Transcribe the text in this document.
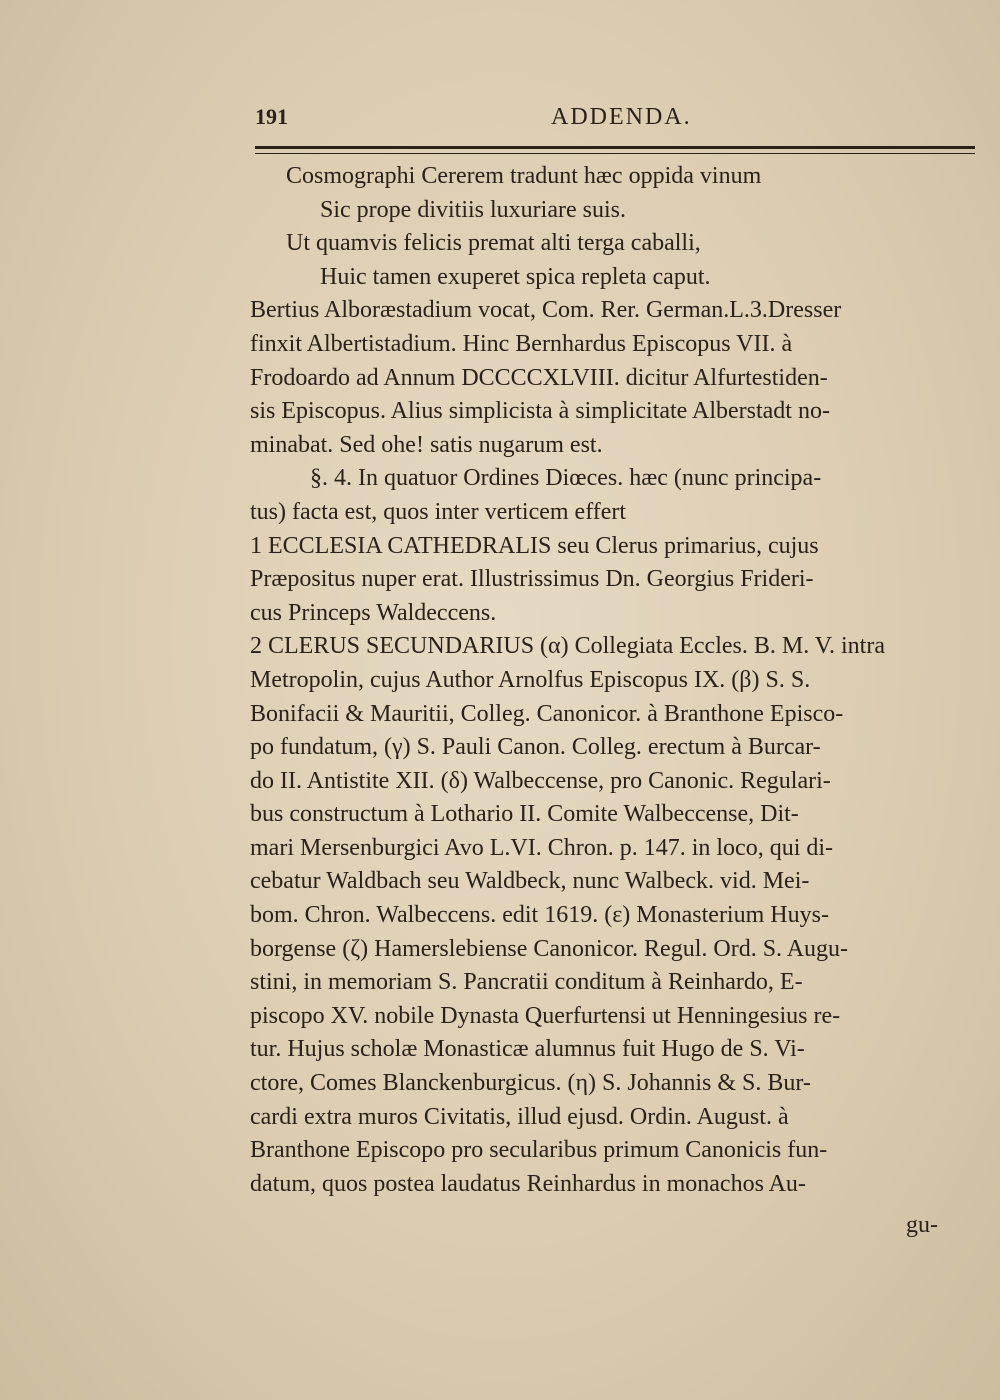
191	ADDENDA.
Cosmographi Cererem tradunt hæc oppida vinum
Sic prope divitiis luxuriare suis.
Ut quamvis felicis premat alti terga caballi,
Huic tamen exuperet spica repleta caput.
Bertius Alboræstadium vocat, Com. Rer. German.L.3.Dresser
finxit Albertistadium. Hinc Bernhardus Episcopus VII. à
Frodoardo ad Annum DCCCCXLVIII. dicitur Alfurtestiden-
sis Episcopus. Alius simplicista à simplicitate Alberstadt no-
minabat. Sed ohe! satis nugarum est.
§. 4. In quatuor Ordines Diœces. hæc (nunc principa-
tus) facta est, quos inter verticem effert
1 ECCLESIA CATHEDRALIS seu Clerus primarius, cujus
Præpositus nuper erat. Illustrissimus Dn. Georgius Frideri-
cus Princeps Waldeccens.
2 CLERUS SECUNDARIUS (α) Collegiata Eccles. B. M. V. intra
Metropolin, cujus Author Arnolfus Episcopus IX. (β) S. S.
Bonifacii & Mauritii, Colleg. Canonicor. à Branthone Episco-
po fundatum, (γ) S. Pauli Canon. Colleg. erectum à Burcar-
do II. Antistite XII. (δ) Walbeccense, pro Canonic. Regulari-
bus constructum à Lothario II. Comite Walbeccense, Dit-
mari Mersenburgici Avo L.VI. Chron. p. 147. in loco, qui di-
cebatur Waldbach seu Waldbeck, nunc Walbeck. vid. Mei-
bom. Chron. Walbeccens. edit 1619. (ε) Monasterium Huys-
borgense (ζ) Hamerslebiense Canonicor. Regul. Ord. S. Augu-
stini, in memoriam S. Pancratii conditum à Reinhardo, E-
piscopo XV. nobile Dynasta Querfurtensi ut Henningesius re-
tur. Hujus scholæ Monasticæ alumnus fuit Hugo de S. Vi-
ctore, Comes Blanckenburgicus. (η) S. Johannis & S. Bur-
cardi extra muros Civitatis, illud ejusd. Ordin. August. à
Branthone Episcopo pro secularibus primum Canonicis fun-
datum, quos postea laudatus Reinhardus in monachos Au-
gu-
